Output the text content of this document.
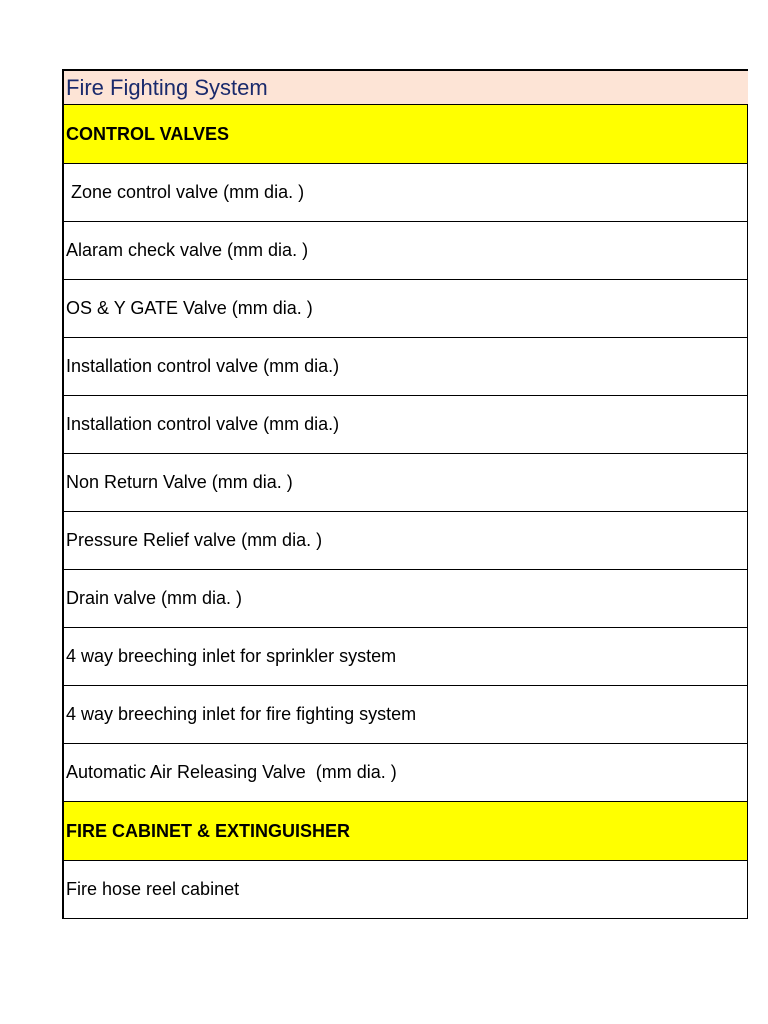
Fire Fighting System
CONTROL VALVES
Zone control valve (mm dia. )
Alaram check valve (mm dia. )
OS & Y GATE Valve (mm dia. )
Installation control valve (mm dia.)
Installation control valve (mm dia.)
Non Return Valve (mm dia. )
Pressure Relief valve (mm dia. )
Drain valve (mm dia. )
4 way breeching inlet for sprinkler system
4 way breeching inlet for fire fighting system
Automatic Air Releasing Valve  (mm dia. )
FIRE CABINET & EXTINGUISHER
Fire hose reel cabinet
